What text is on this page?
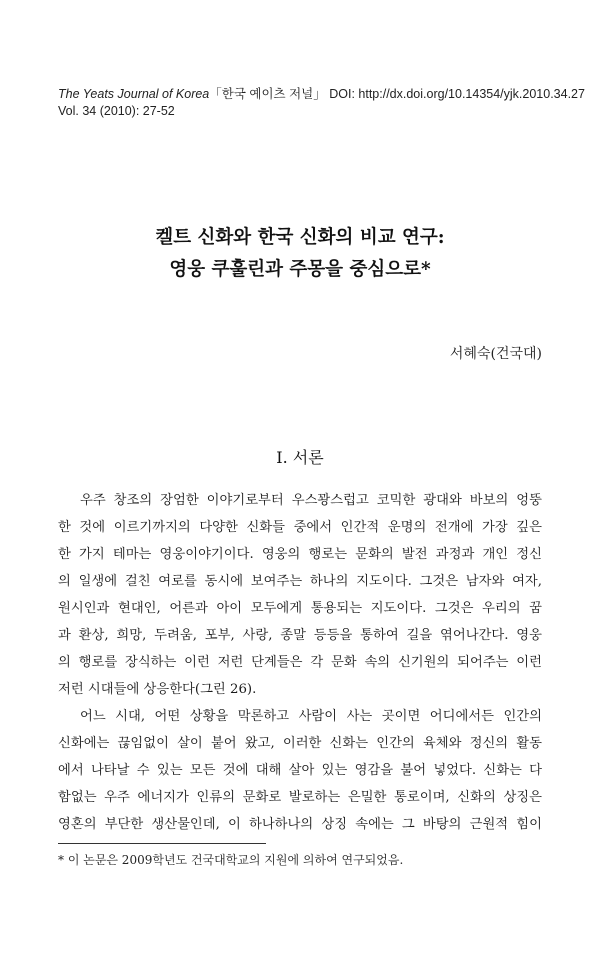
The Yeats Journal of Korea「한국 예이츠 저널」 DOI: http://dx.doi.org/10.14354/yjk.2010.34.27
Vol. 34 (2010): 27-52
켈트 신화와 한국 신화의 비교 연구:
영웅 쿠훌린과 주몽을 중심으로*
서혜숙(건국대)
I. 서론

우주 창조의 장엄한 이야기로부터 우스꽝스럽고 코믹한 광대와 바보의 엉뚱
한 것에 이르기까지의 다양한 신화들 중에서 인간적 운명의 전개에 가장 깊은
한 가지 테마는 영웅이야기이다. 영웅의 행로는 문화의 발전 과정과 개인 정신
의 일생에 걸친 여로를 동시에 보여주는 하나의 지도이다. 그것은 남자와 여자,
원시인과 현대인, 어른과 아이 모두에게 통용되는 지도이다. 그것은 우리의 꿈
과 환상, 희망, 두려움, 포부, 사랑, 종말 등등을 통하여 길을 엮어나간다. 영웅
의 행로를 장식하는 이런 저런 단계들은 각 문화 속의 신기원의 되어주는 이런
저런 시대들에 상응한다(그린 26).

어느 시대, 어떤 상황을 막론하고 사람이 사는 곳이면 어디에서든 인간의
신화에는 끊임없이 살이 붙어 왔고, 이러한 신화는 인간의 육체와 정신의 활동
에서 나타날 수 있는 모든 것에 대해 살아 있는 영감을 불어 넣었다. 신화는 다
함없는 우주 에너지가 인류의 문화로 발로하는 은밀한 통로이며, 신화의 상징은
영혼의 부단한 생산물인데, 이 하나하나의 상징 속에는 그 바탕의 근원적 힘이

* 이 논문은 2009학년도 건국대학교의 지원에 의하여 연구되었음.
